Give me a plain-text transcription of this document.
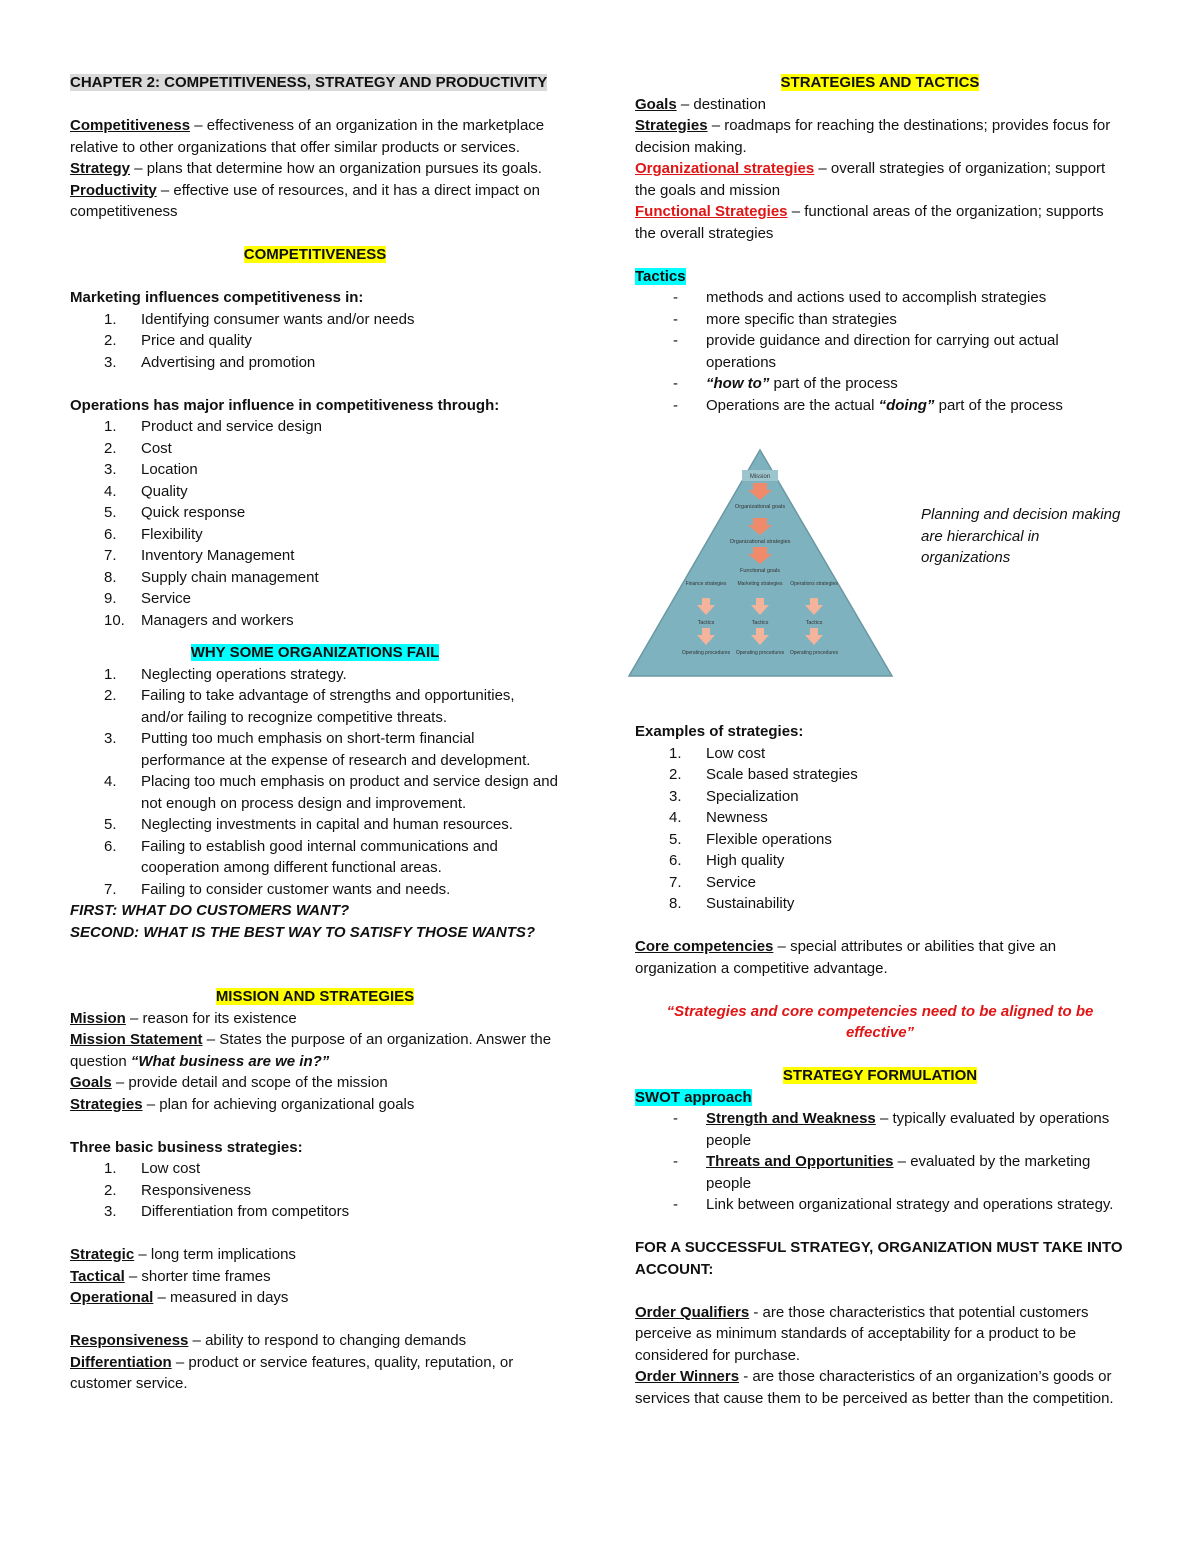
CHAPTER 2: COMPETITIVENESS, STRATEGY AND PRODUCTIVITY

Competitiveness – effectiveness of an organization in the marketplace relative to other organizations that offer similar products or services.

Strategy – plans that determine how an organization pursues its goals.

Productivity – effective use of resources, and it has a direct impact on competitiveness

COMPETITIVENESS

Marketing influences competitiveness in:

1.	Identifying consumer wants and/or needs
2.	Price and quality
3.	Advertising and promotion

Operations has major influence in competitiveness through:

1.	Product and service design
2.	Cost
3.	Location
4.	Quality
5.	Quick response
6.	Flexibility
7.	Inventory Management
8.	Supply chain management
9.	Service
10.	Managers and workers

WHY SOME ORGANIZATIONS FAIL

1.	Neglecting operations strategy.
2.	Failing to take advantage of strengths and opportunities, and/or failing to recognize competitive threats.
3.	Putting too much emphasis on short-term financial performance at the expense of research and development.
4.	Placing too much emphasis on product and service design and not enough on process design and improvement.
5.	Neglecting investments in capital and human resources.
6.	Failing to establish good internal communications and cooperation among different functional areas.
7.	Failing to consider customer wants and needs.

FIRST: WHAT DO CUSTOMERS WANT?

SECOND: WHAT IS THE BEST WAY TO SATISFY THOSE WANTS?

MISSION AND STRATEGIES

Mission – reason for its existence

Mission Statement – States the purpose of an organization. Answer the question “What business are we in?”

Goals – provide detail and scope of the mission

Strategies – plan for achieving organizational goals

Three basic business strategies:

1.	Low cost
2.	Responsiveness
3.	Differentiation from competitors

Strategic – long term implications

Tactical – shorter time frames

Operational – measured in days

Responsiveness – ability to respond to changing demands

Differentiation – product or service features, quality, reputation, or customer service.

STRATEGIES AND TACTICS

Goals – destination

Strategies – roadmaps for reaching the destinations; provides focus for decision making.

Organizational strategies – overall strategies of organization; support the goals and mission

Functional Strategies – functional areas of the organization; supports the overall strategies

Tactics

-	methods and actions used to accomplish strategies
-	more specific than strategies
-	provide guidance and direction for carrying out actual operations
-	“how to” part of the process
-	Operations are the actual “doing” part of the process
Mission
Organizational goals
Organizational strategies
Functional goals
Finance strategies Marketing strategies Operations strategies
Tactics	Tactics	Tactics
Operating procedures Operating procedures Operating procedures

Planning and decision making are hierarchical in organizations

Examples of strategies:

1.	Low cost
2.	Scale based strategies
3.	Specialization
4.	Newness
5.	Flexible operations
6.	High quality
7.	Service
8.	Sustainability

Core competencies – special attributes or abilities that give an organization a competitive advantage.

“Strategies and core competencies need to be aligned to be effective”

STRATEGY FORMULATION

SWOT approach

-	Strength and Weakness – typically evaluated by operations people
-	Threats and Opportunities – evaluated by the marketing people
-	Link between organizational strategy and operations strategy.

FOR A SUCCESSFUL STRATEGY, ORGANIZATION MUST TAKE INTO ACCOUNT:

Order Qualifiers - are those characteristics that potential customers perceive as minimum standards of acceptability for a product to be considered for purchase.

Order Winners - are those characteristics of an organization’s goods or services that cause them to be perceived as better than the competition.
